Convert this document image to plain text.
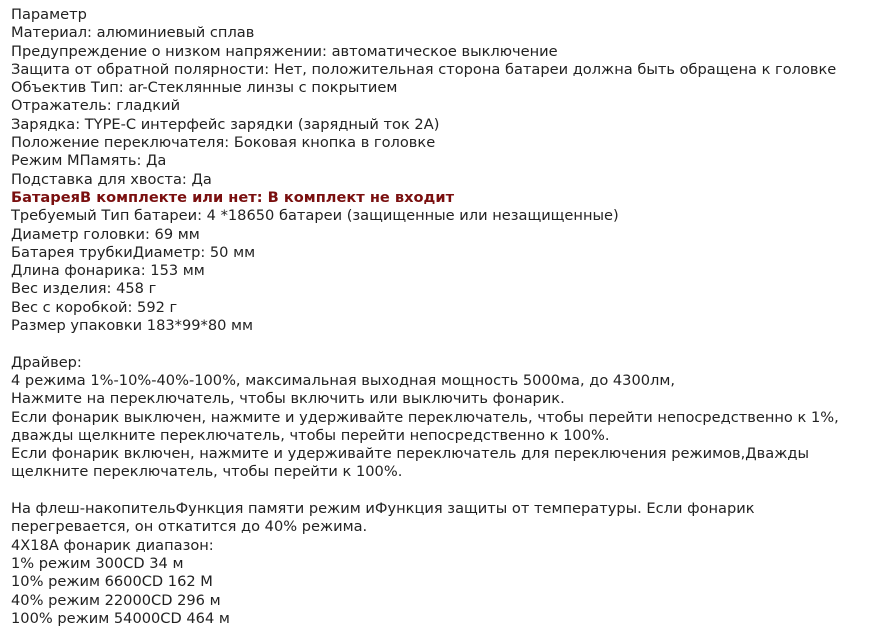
Параметр
Материал: алюминиевый сплав
Предупреждение о низком напряжении: автоматическое выключение
Защита от обратной полярности: Нет, положительная сторона батареи должна быть обращена к головке
Объектив Тип: ar-Стеклянные линзы с покрытием
Отражатель: гладкий
Зарядка: TYPE-C интерфейс зарядки (зарядный ток 2A)
Положение переключателя: Боковая кнопка в головке
Режим МПамять: Да
Подставка для хвоста: Да
БатареяВ комплекте или нет: В комплект не входит
Требуемый Тип батареи: 4 *18650 батареи (защищенные или незащищенные)
Диаметр головки: 69 мм
Батарея трубкиДиаметр: 50 мм
Длина фонарика: 153 мм
Вес изделия: 458 г
Вес с коробкой: 592 г
Размер упаковки 183*99*80 мм
Драйвер:
4 режима 1%-10%-40%-100%, максимальная выходная мощность 5000ма, до 4300лм,
Нажмите на переключатель, чтобы включить или выключить фонарик.
Если фонарик выключен, нажмите и удерживайте переключатель, чтобы перейти непосредственно к 1%, дважды щелкните переключатель, чтобы перейти непосредственно к 100%.
Если фонарик включен, нажмите и удерживайте переключатель для переключения режимов,Дважды щелкните переключатель, чтобы перейти к 100%.
На флеш-накопительФункция памяти режим иФункция защиты от температуры. Если фонарик перегревается, он откатится до 40% режима.
4X18A фонарик диапазон:
1% режим 300CD 34 м
10% режим 6600CD 162 М
40% режим 22000CD 296 м
100% режим 54000CD 464 м
